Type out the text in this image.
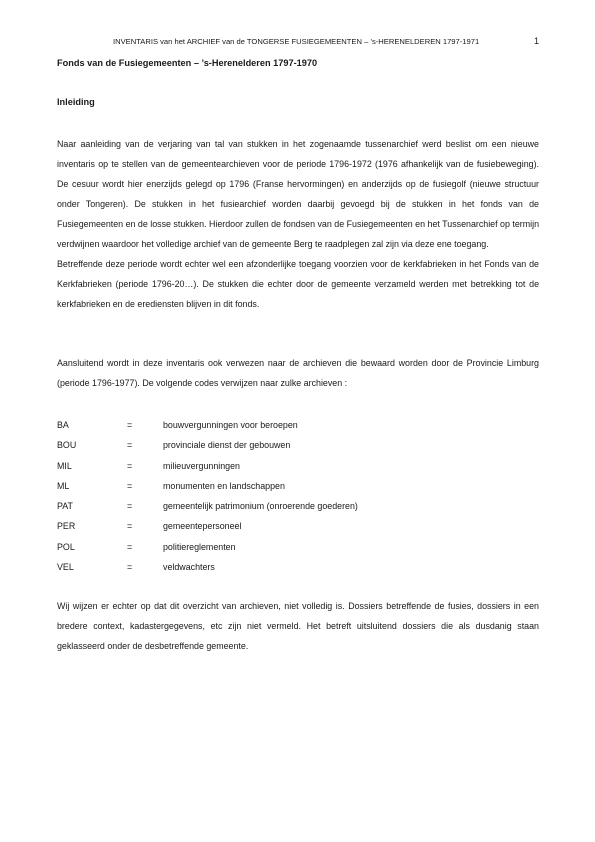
INVENTARIS van het ARCHIEF van de TONGERSE FUSIEGEMEENTEN – ’s-HERENELDEREN 1797-1971	1
Fonds van de Fusiegemeenten – ’s-Herenelderen 1797-1970
Inleiding

Naar aanleiding van de verjaring van tal van stukken in het zogenaamde tussenarchief werd beslist om een nieuwe inventaris op te stellen van de gemeentearchieven voor de periode 1796-1972 (1976 afhankelijk van de fusiebeweging). De cesuur wordt hier enerzijds gelegd op 1796 (Franse hervormingen) en anderzijds op de fusiegolf (nieuwe structuur onder Tongeren). De stukken in het fusiearchief worden daarbij gevoegd bij de stukken in het fonds van de Fusiegemeenten en de losse stukken. Hierdoor zullen de fondsen van de Fusiegemeenten en het Tussenarchief op termijn verdwijnen waardoor het volledige archief van de gemeente Berg te raadplegen zal zijn via deze ene toegang.

Betreffende deze periode wordt echter wel een afzonderlijke toegang voorzien voor de kerkfabrieken in het Fonds van de Kerkfabrieken (periode 1796-20…). De stukken die echter door de gemeente verzameld werden met betrekking tot de kerkfabrieken en de erediensten blijven in dit fonds.

Aansluitend wordt in deze inventaris ook verwezen naar de archieven die bewaard worden door de Provincie Limburg (periode 1796-1977). De volgende codes verwijzen naar zulke archieven :

BA	=	bouwvergunningen voor beroepen
BOU	=	provinciale dienst der gebouwen
MIL	=	milieuvergunningen
ML	=	monumenten en landschappen
PAT	=	gemeentelijk patrimonium (onroerende goederen)
PER	=	gemeentepersoneel
POL	=	politiereglementen
VEL	=	veldwachters

Wij wijzen er echter op dat dit overzicht van archieven, niet volledig is. Dossiers betreffende de fusies, dossiers in een bredere context, kadastergegevens, etc zijn niet vermeld. Het betreft uitsluitend dossiers die als dusdanig staan geklasseerd onder de desbetreffende gemeente.
